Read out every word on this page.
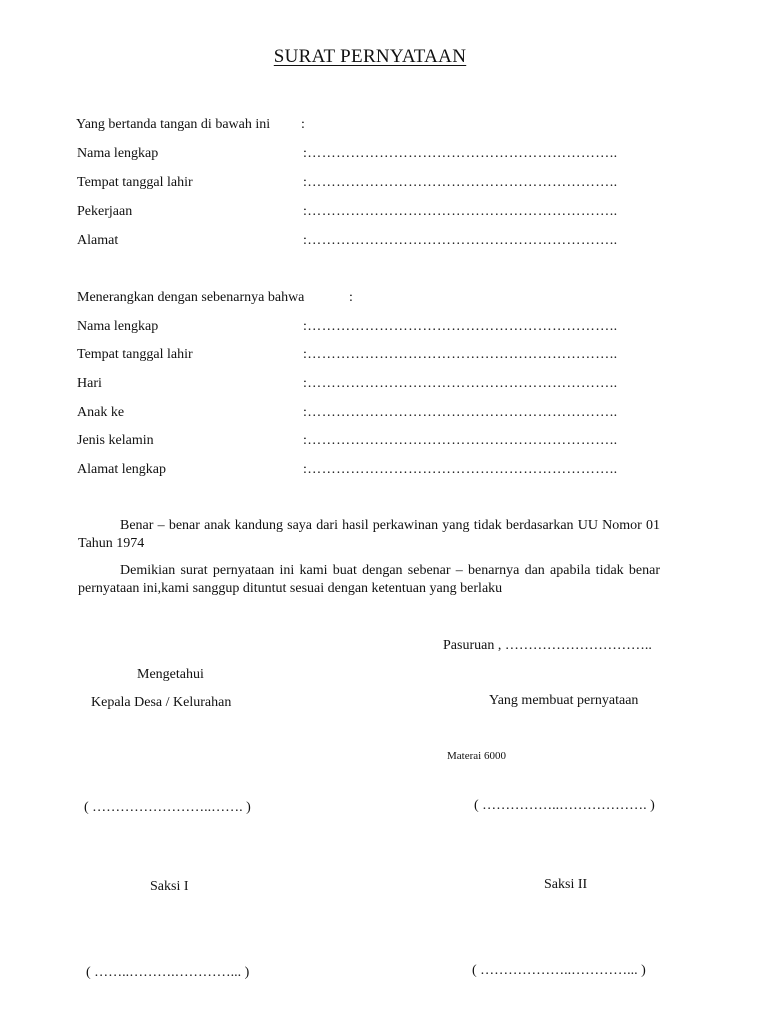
SURAT PERNYATAAN
Yang bertanda tangan di bawah ini :
Nama lengkap	:………………………………………………………..
Tempat tanggal lahir	:………………………………………………………..
Pekerjaan	:………………………………………………………..
Alamat	:………………………………………………………..
Menerangkan dengan sebenarnya bahwa	:
Nama lengkap	:………………………………………………………..
Tempat tanggal lahir	:………………………………………………………..
Hari	:………………………………………………………..
Anak ke	:………………………………………………………..
Jenis kelamin	:………………………………………………………..
Alamat lengkap	:………………………………………………………..
Benar – benar anak kandung saya dari hasil perkawinan yang tidak berdasarkan UU Nomor 01 Tahun 1974
Demikian surat pernyataan ini kami buat dengan sebenar – benarnya dan apabila tidak benar pernyataan ini,kami sanggup dituntut sesuai dengan ketentuan yang berlaku
Pasuruan , …………………………..
Mengetahui
Kepala Desa / Kelurahan	Yang membuat pernyataan
Materai 6000
( ……………………..……. )	( ……………..………………. )
Saksi I	Saksi II
( ……..……….…………... )	( ………………..…………... )
